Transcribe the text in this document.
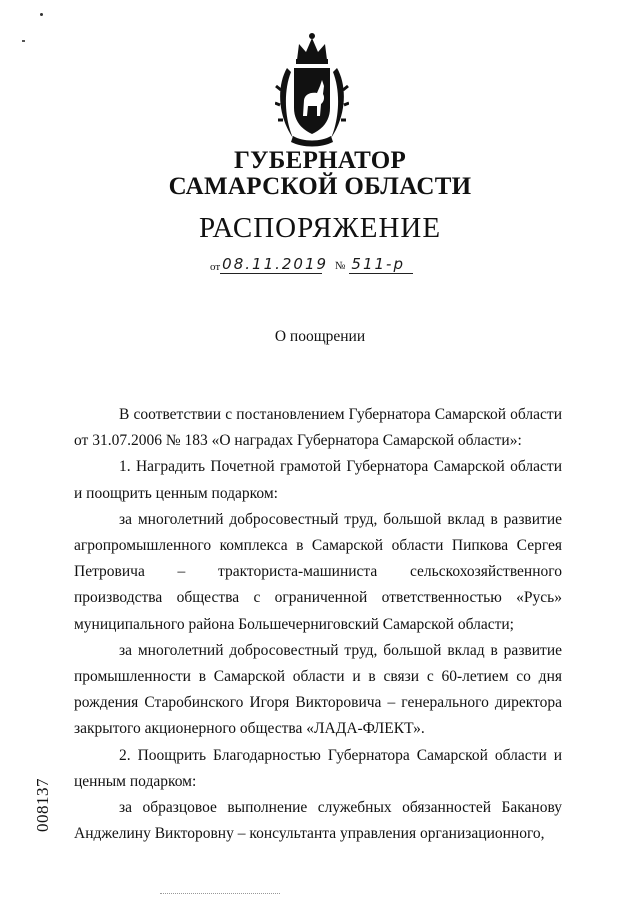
ГУБЕРНАТОР
САМАРСКОЙ ОБЛАСТИ
РАСПОРЯЖЕНИЕ
от 08.11.2019 № 511-р
О поощрении

В соответствии с постановлением Губернатора Самарской области от 31.07.2006 № 183 «О наградах Губернатора Самарской области»:

1. Наградить Почетной грамотой Губернатора Самарской области и поощрить ценным подарком:

за многолетний добросовестный труд, большой вклад в развитие агропромышленного комплекса в Самарской области Пипкова Сергея Петровича – тракториста-машиниста сельскохозяйственного производства общества с ограниченной ответственностью «Русь» муниципального района Большечерниговский Самарской области;

за многолетний добросовестный труд, большой вклад в развитие промышленности в Самарской области и в связи с 60-летием со дня рождения Старобинского Игоря Викторовича – генерального директора закрытого акционерного общества «ЛАДА-ФЛЕКТ».

2. Поощрить Благодарностью Губернатора Самарской области и ценным подарком:

за образцовое выполнение служебных обязанностей Баканову Анджелину Викторовну – консультанта управления организационного,

008137
